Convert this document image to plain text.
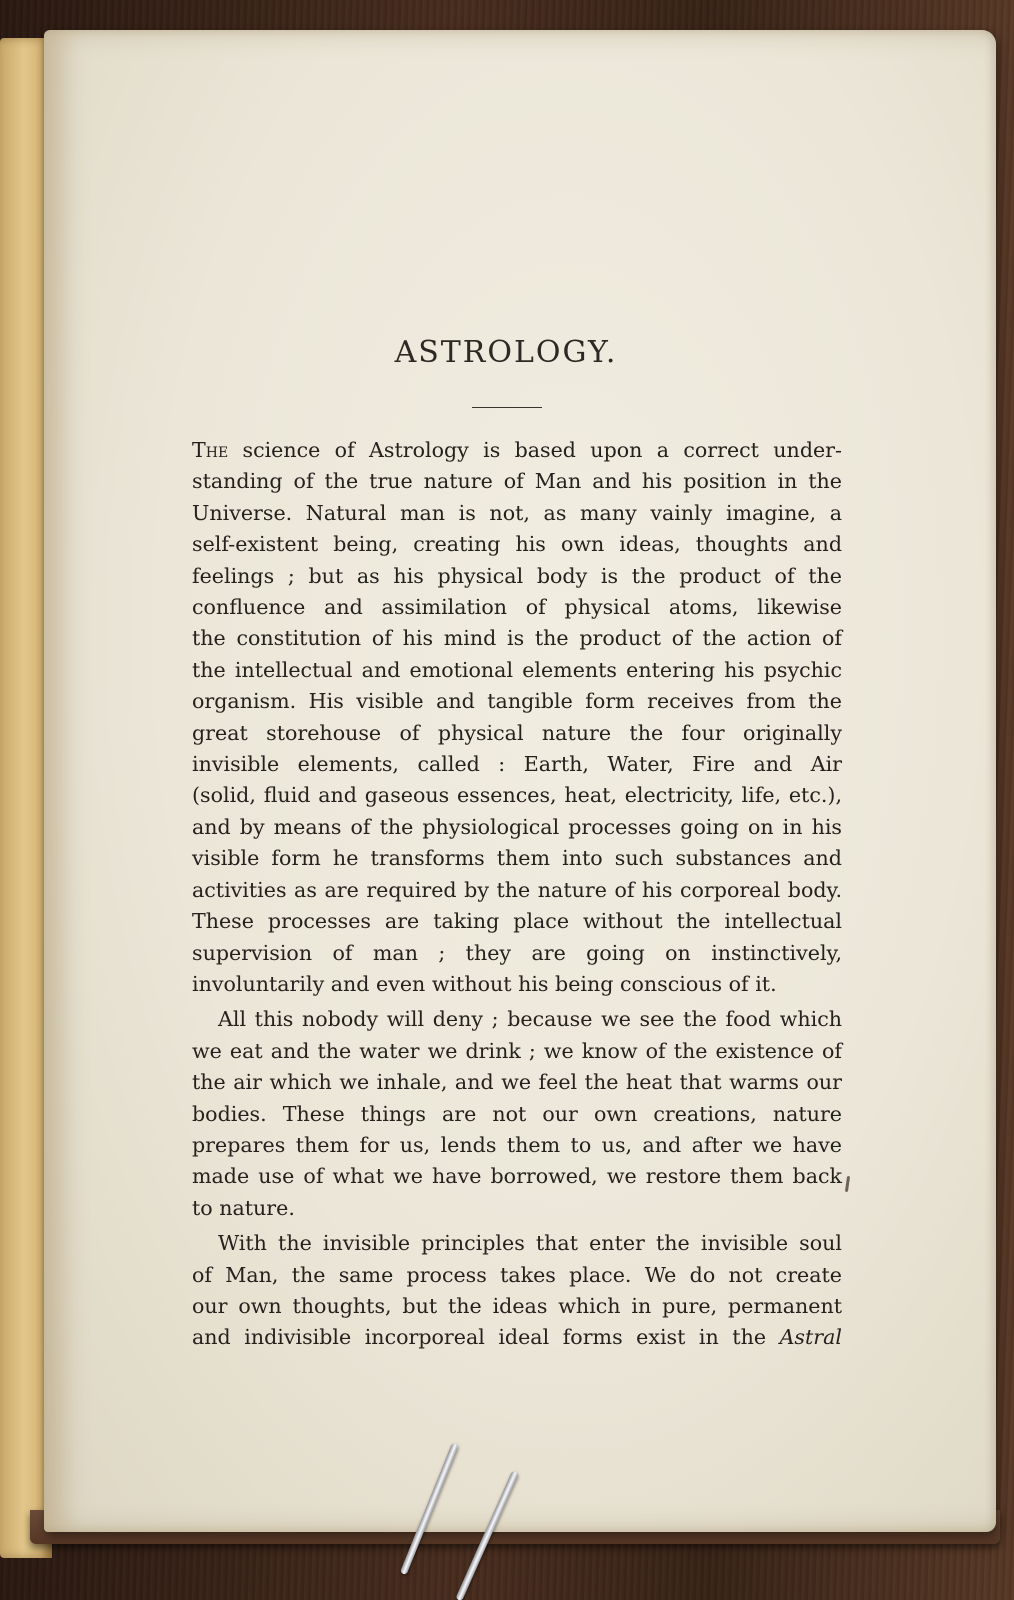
ASTROLOGY.
The science of Astrology is based upon a correct under-
standing of the true nature of Man and his position in the
Universe. Natural man is not, as many vainly imagine, a
self-existent being, creating his own ideas, thoughts and
feelings ; but as his physical body is the product of the
confluence and assimilation of physical atoms, likewise
the constitution of his mind is the product of the action of
the intellectual and emotional elements entering his psychic
organism. His visible and tangible form receives from the
great storehouse of physical nature the four originally
invisible elements, called : Earth, Water, Fire and Air
(solid, fluid and gaseous essences, heat, electricity, life, etc.),
and by means of the physiological processes going on in his
visible form he transforms them into such substances and
activities as are required by the nature of his corporeal body.
These processes are taking place without the intellectual
supervision of man ; they are going on instinctively,
involuntarily and even without his being conscious of it.
All this nobody will deny ; because we see the food which
we eat and the water we drink ; we know of the existence of
the air which we inhale, and we feel the heat that warms our
bodies. These things are not our own creations, nature
prepares them for us, lends them to us, and after we have
made use of what we have borrowed, we restore them back
to nature.
With the invisible principles that enter the invisible soul
of Man, the same process takes place. We do not create
our own thoughts, but the ideas which in pure, permanent
and indivisible incorporeal ideal forms exist in the Astral
